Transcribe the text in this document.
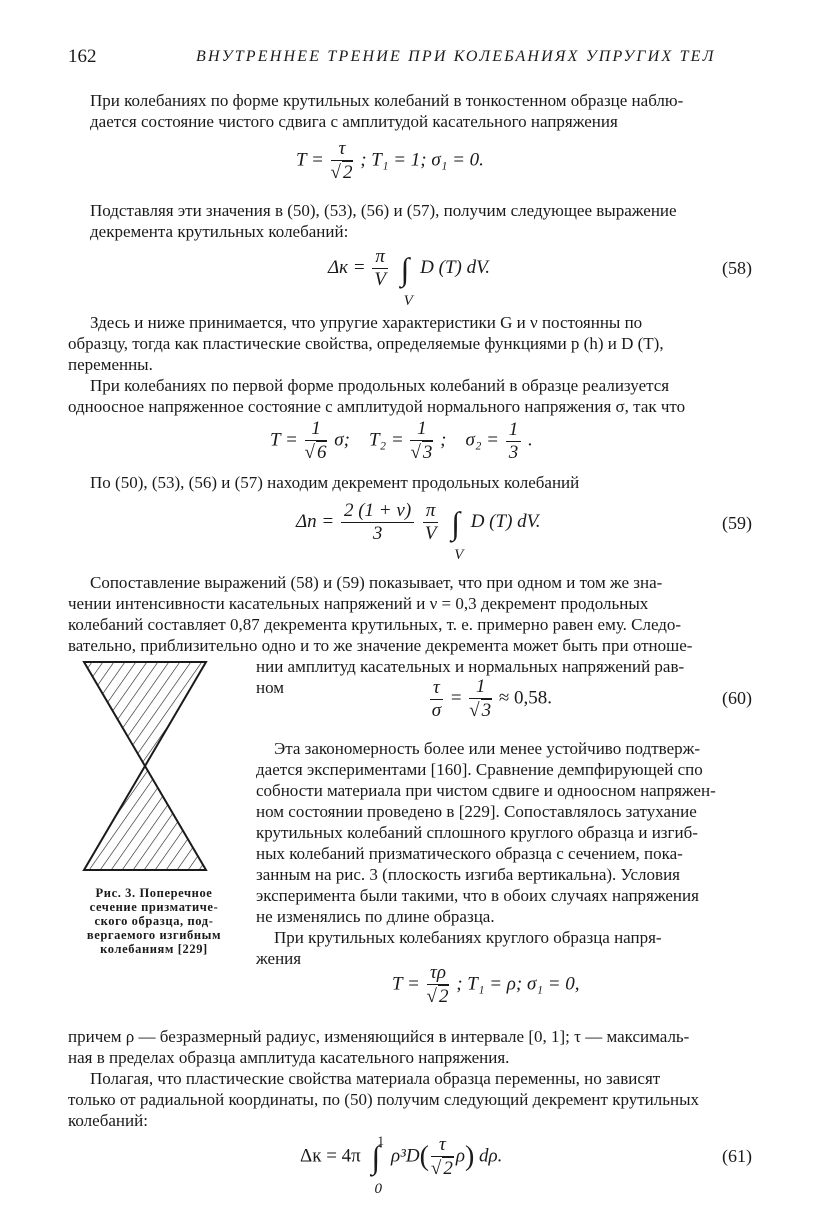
162	ВНУТРЕННЕЕ ТРЕНИЕ ПРИ КОЛЕБАНИЯХ УПРУГИХ ТЕЛ
При колебаниях по форме крутильных колебаний в тонкостенном образце наблю-
дается состояние чистого сдвига с амплитудой касательного напряжения
$T = \frac{\tau}{√ 2}$ ; T₁ = 1; σ₁ = 0.
Подставляя эти значения в (50), (53), (56) и (57), получим следующее выражение
декремента крутильных колебаний:
$\Delta к = \frac{\pi}{V}$ ∫
V
D (T) dV.	(58)
Здесь и ниже принимается, что упругие характеристики G и ν постоянны по
образцу, тогда как пластические свойства, определяемые функциями p (h) и D (T),
переменны.
При колебаниях по первой форме продольных колебаний в образце реализуется
одноосное напряженное состояние с амплитудой нормального напряжения σ, так что
$T = \frac{1}{√ 6} \sigma$; $T_2 = \frac{1}{√ 3}$ ; $\sigma_2 = \frac{1}{3}$ .
По (50), (53), (56) и (57) находим декремент продольных колебаний
$\Delta п = \frac{2 (1 + \nu)}{3}$
$\frac{\pi}{V}$ ∫
V
D (T) dV.	(59)
Сопоставление выражений (58) и (59) показывает, что при одном и том же зна-
чении интенсивности касательных напряжений и ν = 0,3 декремент продольных
колебаний составляет 0,87 декремента крутильных, т. е. примерно равен ему. Следо-
вательно, приблизительно одно и то же значение декремента может быть при отноше-
нии амплитуд касательных и нормальных напряжений рав-
ном
Рис. 3. Поперечное
сечение призматиче-
ского образца, под-
вергаемого изгибным
колебаниям [229]
$\frac{\tau}{\sigma} = \frac{1}{√ 3} \approx 0,58$.	(60)
Эта закономерность более или менее устойчиво подтверж-
дается экспериментами [160]. Сравнение демпфирующей спо
собности материала при чистом сдвиге и одноосном напряжен-
ном состоянии проведено в [229]. Сопоставлялось затухание
крутильных колебаний сплошного круглого образца и изгиб-
ных колебаний призматического образца с сечением, пока-
занным на рис. 3 (плоскость изгиба вертикальна). Условия
эксперимента были такими, что в обоих случаях напряжения
не изменялись по длине образца.
При крутильных колебаниях круглого образца напря-
жения
$T = \frac{\tau\rho}{√ 2}$ ; T₁ = ρ; σ₁ = 0,
причем ρ — безразмерный радиус, изменяющийся в интервале [0, 1]; τ — максималь-
ная в пределах образца амплитуда касательного напряжения.
Полагая, что пластические свойства материала образца переменны, но зависят
только от радиальной координаты, по (50) получим следующий декремент крутильных
колебаний:
Δк = 4π ∫
1
0
$\rho^3D( \frac{\tau}{√ 2} \rho)$ dρ.	(61)
